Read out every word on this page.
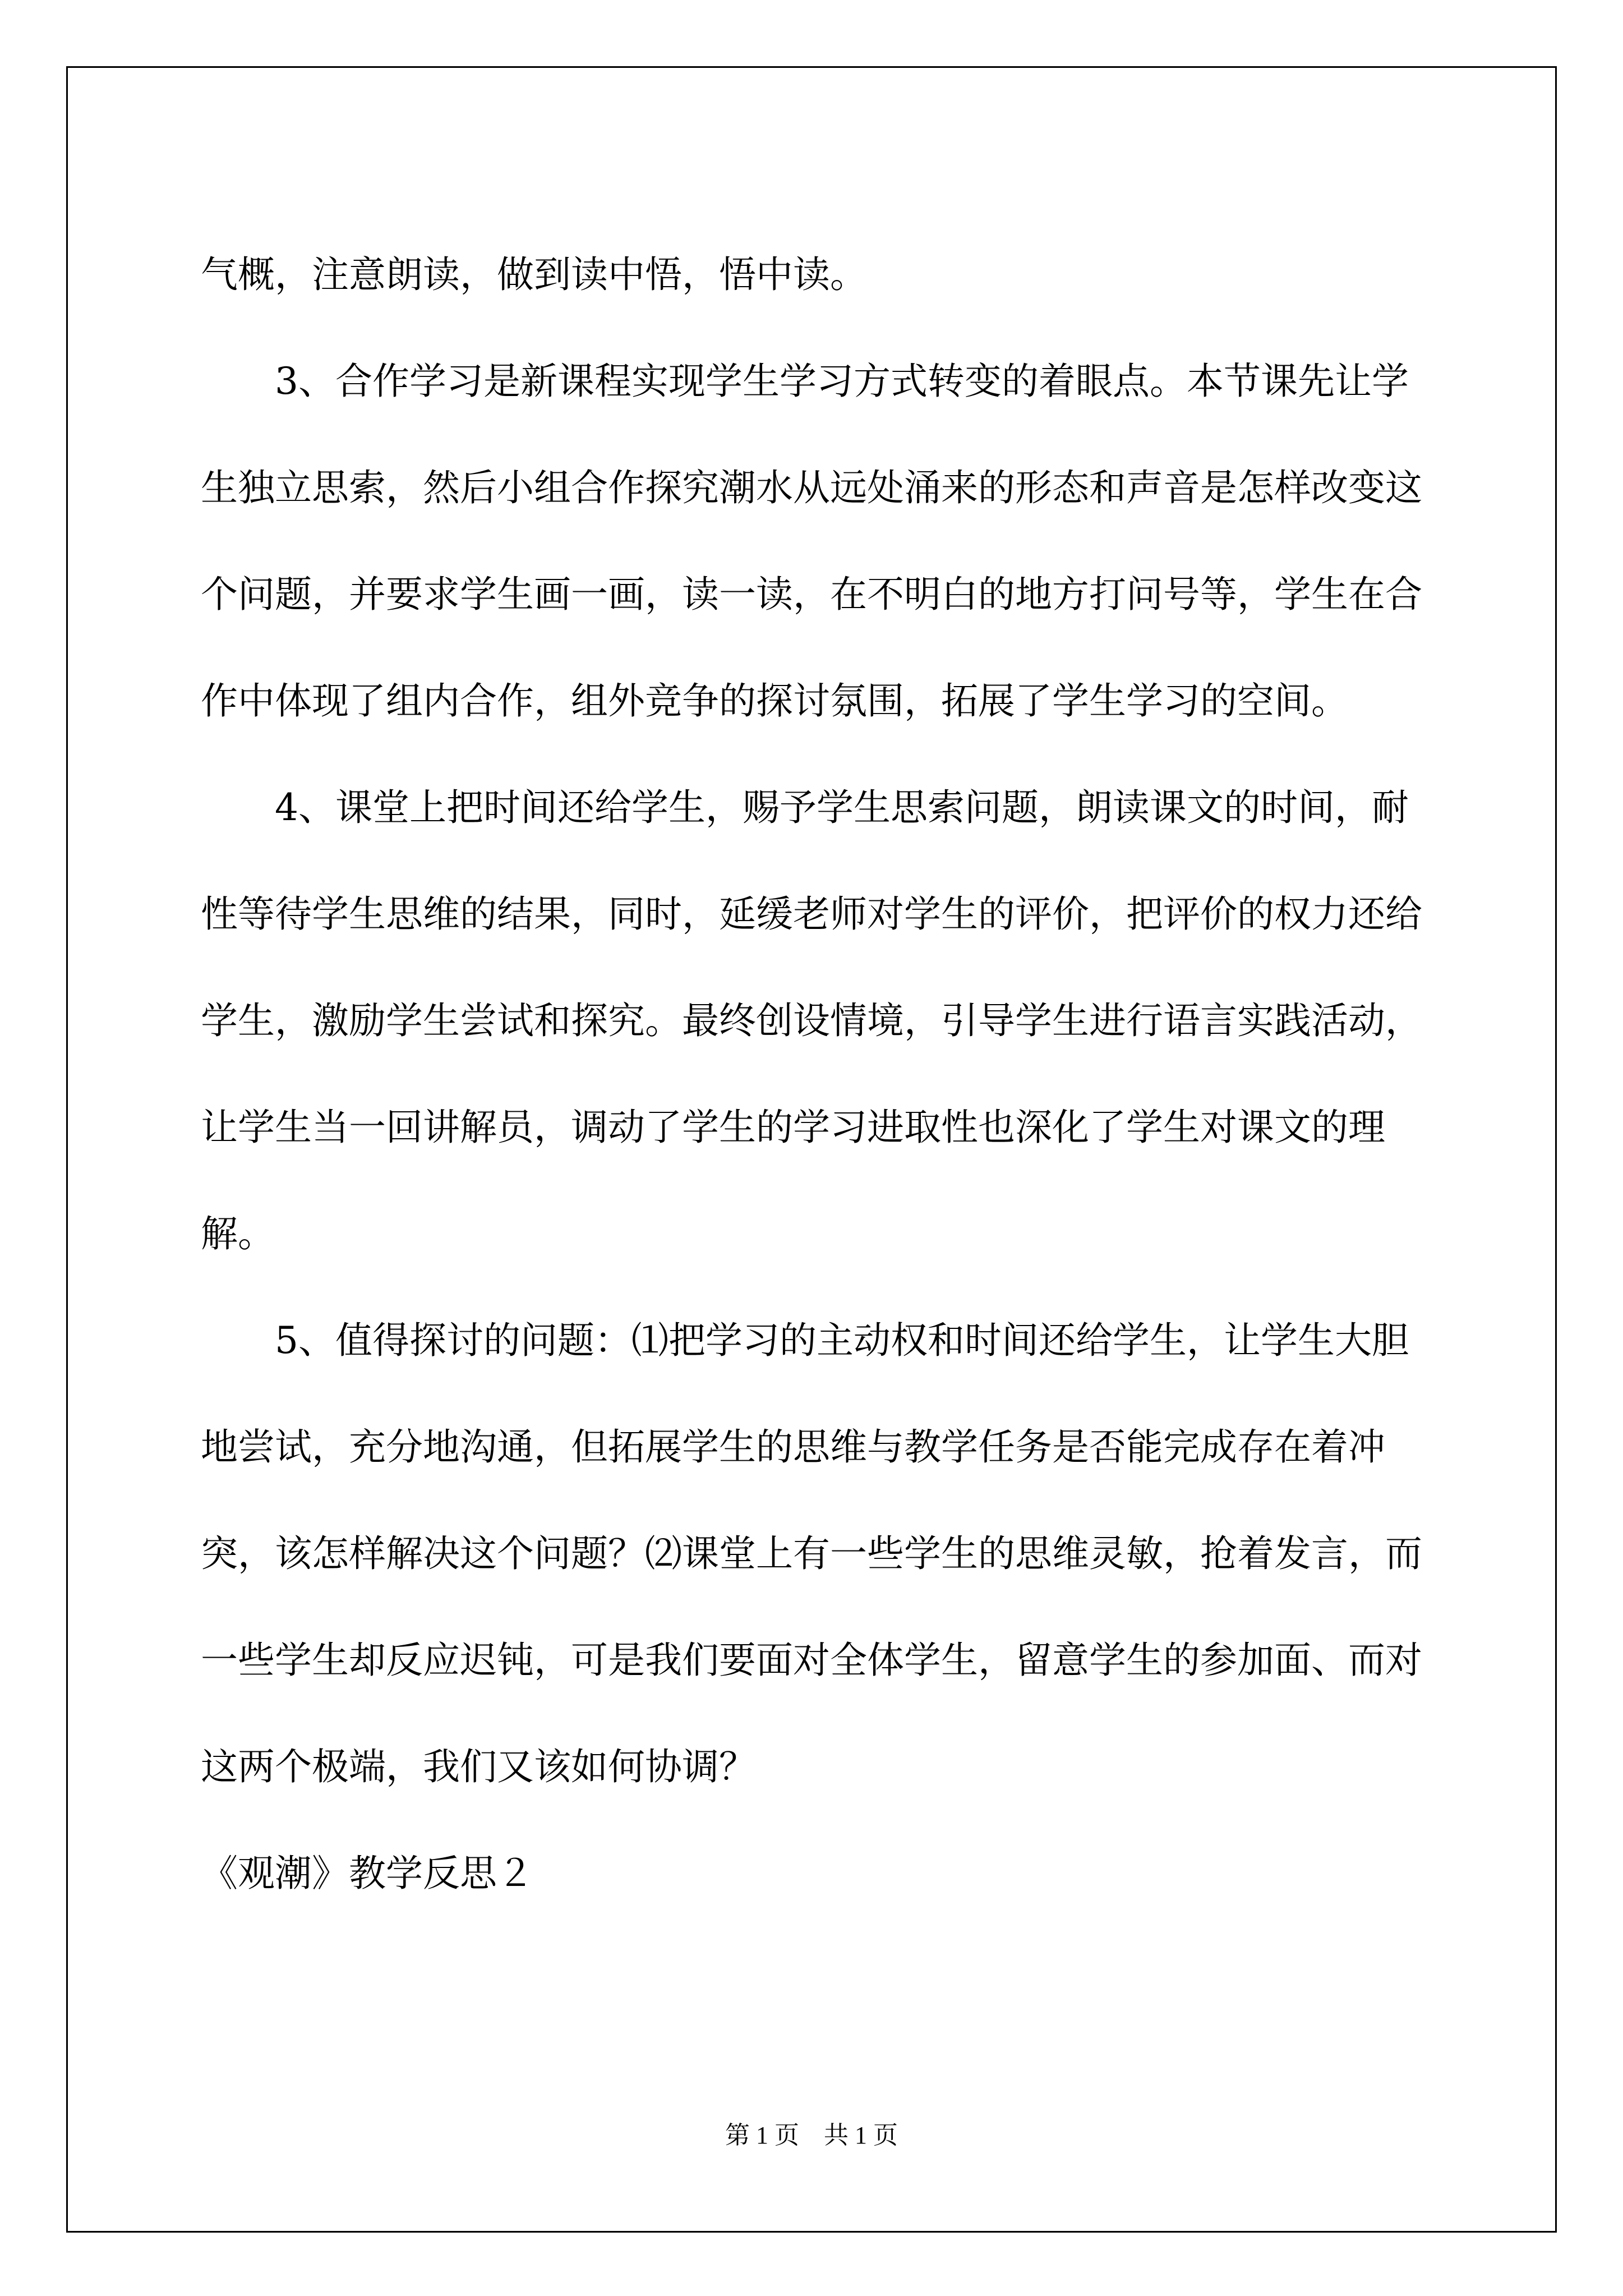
气概，注意朗读，做到读中悟，悟中读。

3、合作学习是新课程实现学生学习方式转变的着眼点。本节课先让学生独立思索，然后小组合作探究潮水从远处涌来的形态和声音是怎样改变这个问题，并要求学生画一画，读一读，在不明白的地方打问号等，学生在合作中体现了组内合作，组外竞争的探讨氛围，拓展了学生学习的空间。

4、课堂上把时间还给学生，赐予学生思索问题，朗读课文的时间，耐性等待学生思维的结果，同时，延缓老师对学生的评价，把评价的权力还给学生，激励学生尝试和探究。最终创设情境，引导学生进行语言实践活动，让学生当一回讲解员，调动了学生的学习进取性也深化了学生对课文的理解。

5、值得探讨的问题：⑴把学习的主动权和时间还给学生，让学生大胆地尝试，充分地沟通，但拓展学生的思维与教学任务是否能完成存在着冲突，该怎样解决这个问题？⑵课堂上有一些学生的思维灵敏，抢着发言，而一些学生却反应迟钝，可是我们要面对全体学生，留意学生的参加面、而对这两个极端，我们又该如何协调？

《观潮》教学反思２

第 1 页　共 1 页
